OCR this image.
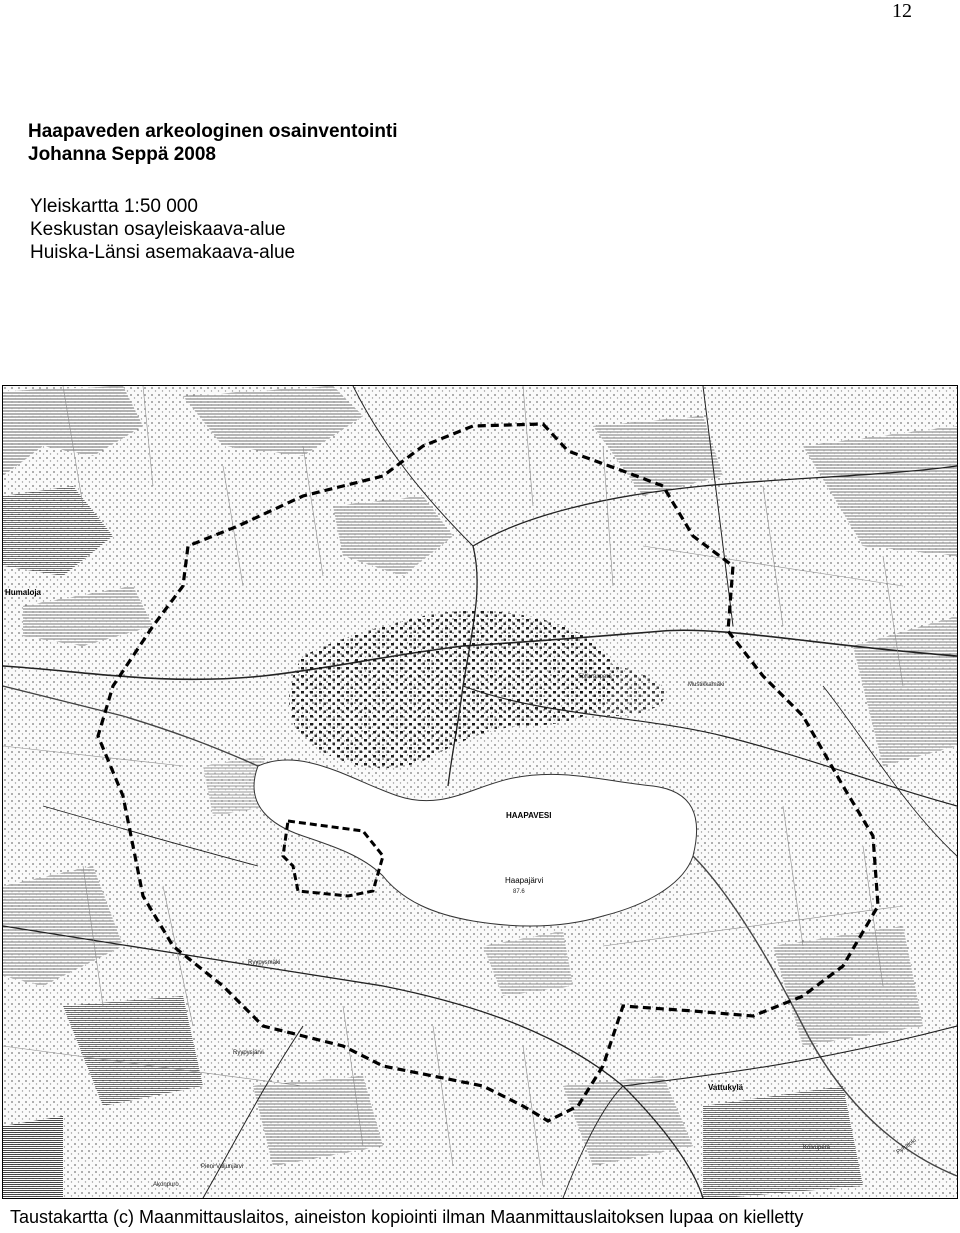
12
Haapaveden arkeologinen osainventointi
Johanna Seppä 2008
Yleiskartta 1:50 000
Keskustan osayleiskaava-alue
Huiska-Länsi asemakaava-alue
HAAPAVESI
Haapajärvi
87.6
Humaloja
Vattukylä
Ryypysjärvi
Ryypysmäki
Töllaränperä
Mustikkamäki
Koivuperä
Pieni Valjunjärvi
Pyhäjoki
Akonpuro
Taustakartta (c) Maanmittauslaitos, aineiston kopiointi ilman Maanmittauslaitoksen lupaa on kielletty
